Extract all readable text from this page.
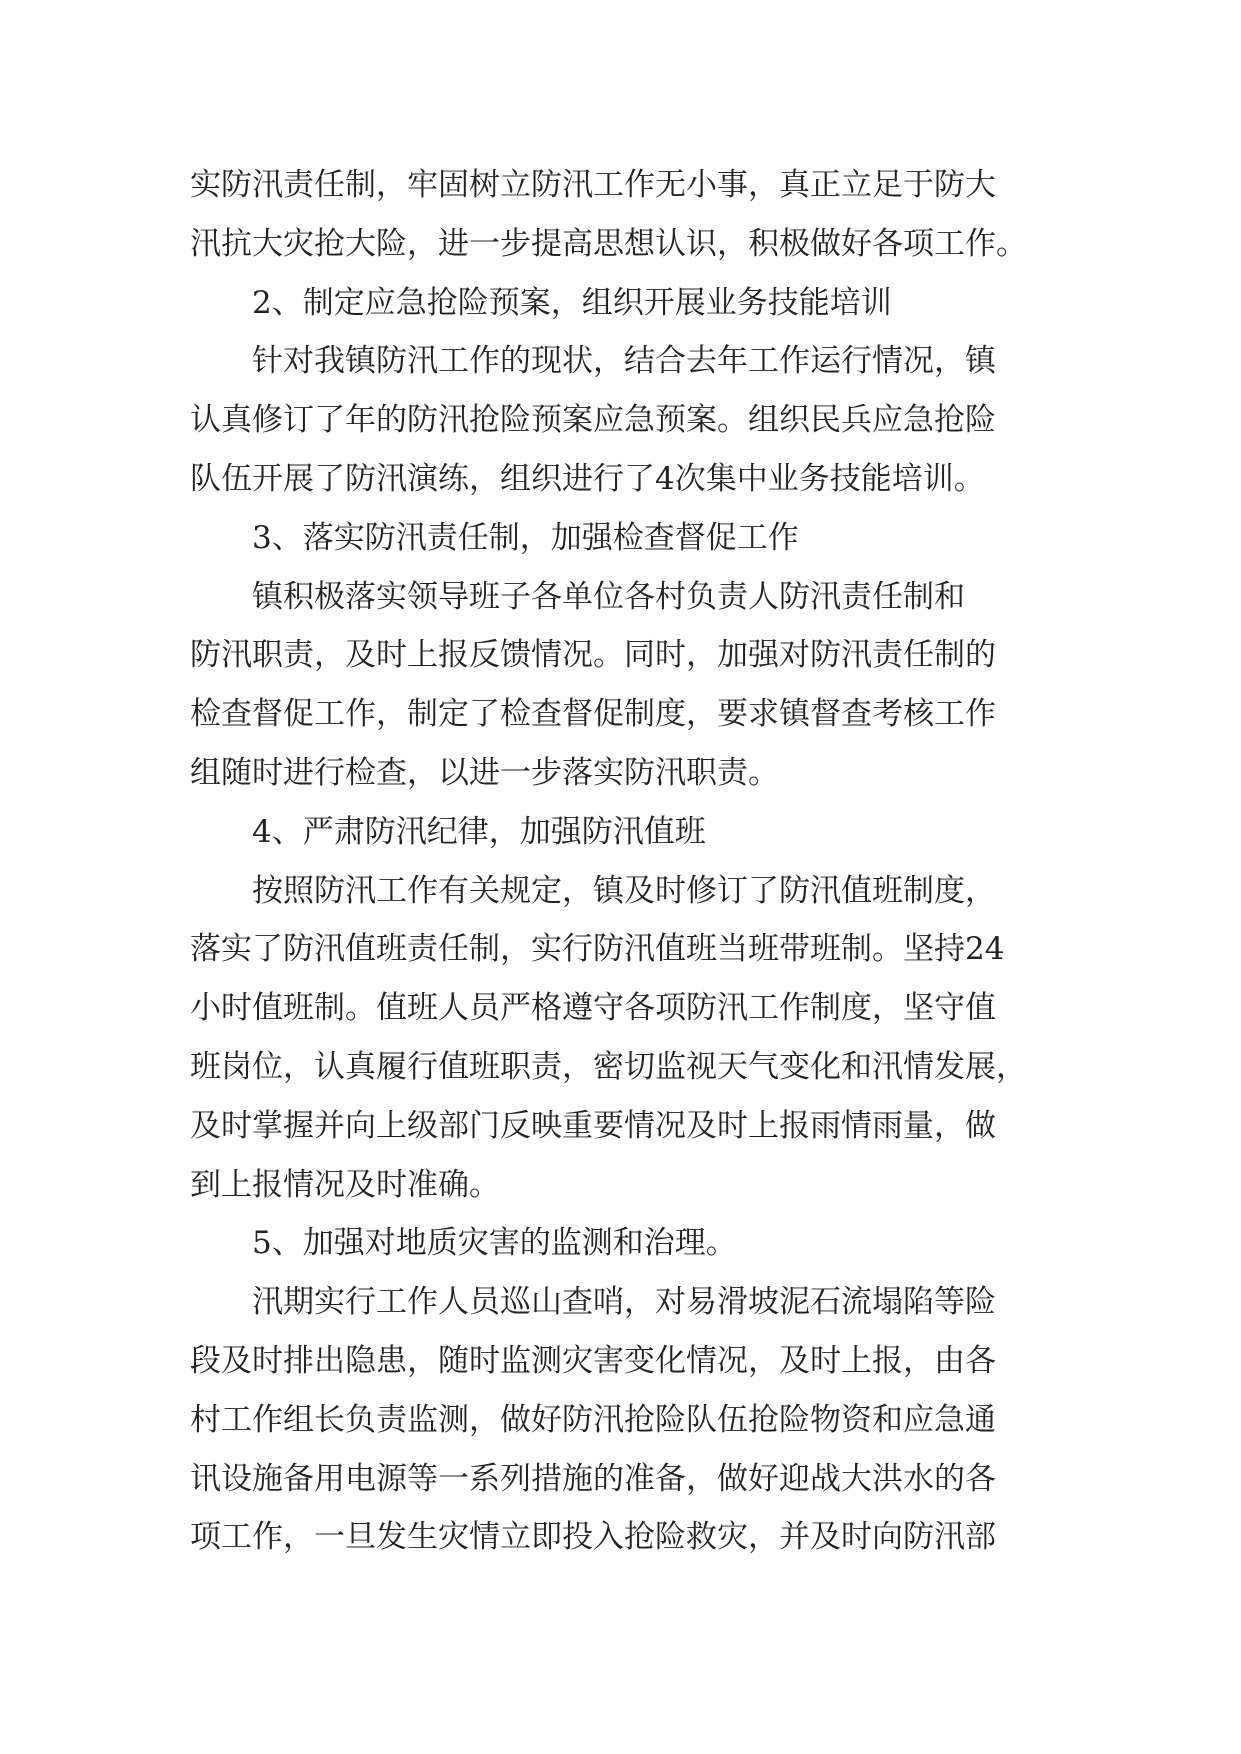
实防汛责任制，牢固树立防汛工作无小事，真正立足于防大
汛抗大灾抢大险，进一步提高思想认识，积极做好各项工作。
2、制定应急抢险预案，组织开展业务技能培训
针对我镇防汛工作的现状，结合去年工作运行情况，镇
认真修订了年的防汛抢险预案应急预案。组织民兵应急抢险
队伍开展了防汛演练，组织进行了4次集中业务技能培训。
3、落实防汛责任制，加强检查督促工作
镇积极落实领导班子各单位各村负责人防汛责任制和
防汛职责，及时上报反馈情况。同时，加强对防汛责任制的
检查督促工作，制定了检查督促制度，要求镇督查考核工作
组随时进行检查，以进一步落实防汛职责。
4、严肃防汛纪律，加强防汛值班
按照防汛工作有关规定，镇及时修订了防汛值班制度，
落实了防汛值班责任制，实行防汛值班当班带班制。坚持24
小时值班制。值班人员严格遵守各项防汛工作制度，坚守值
班岗位，认真履行值班职责，密切监视天气变化和汛情发展，
及时掌握并向上级部门反映重要情况及时上报雨情雨量，做
到上报情况及时准确。
5、加强对地质灾害的监测和治理。
汛期实行工作人员巡山查哨，对易滑坡泥石流塌陷等险
段及时排出隐患，随时监测灾害变化情况，及时上报，由各
村工作组长负责监测，做好防汛抢险队伍抢险物资和应急通
讯设施备用电源等一系列措施的准备，做好迎战大洪水的各
项工作，一旦发生灾情立即投入抢险救灾，并及时向防汛部
